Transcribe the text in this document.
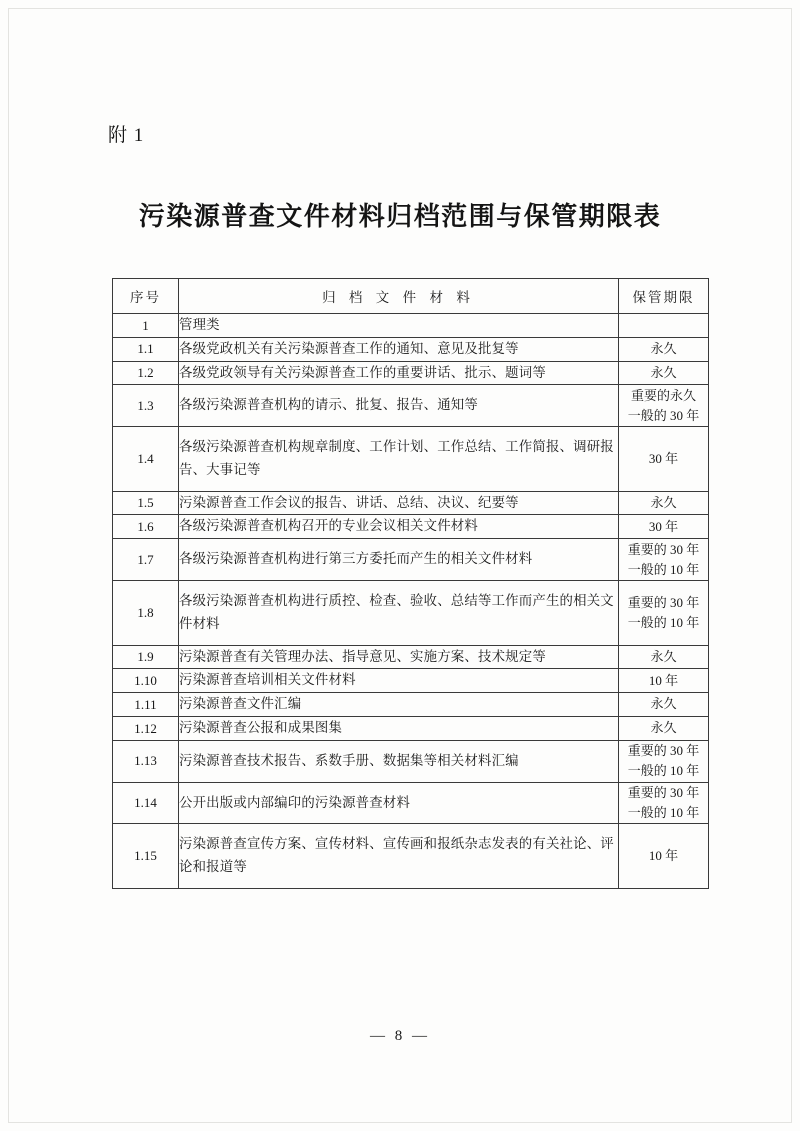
附 1
污染源普查文件材料归档范围与保管期限表
序号	归 档 文 件 材 料	保管期限
1	管理类	
1.1	各级党政机关有关污染源普查工作的通知、意见及批复等	永久
1.2	各级党政领导有关污染源普查工作的重要讲话、批示、题词等	永久
1.3	各级污染源普查机构的请示、批复、报告、通知等	重要的永久
一般的 30 年

1.4	各级污染源普查机构规章制度、工作计划、工作总结、工作简报、调研报告、大事记等	30 年
1.5	污染源普查工作会议的报告、讲话、总结、决议、纪要等	永久
1.6	各级污染源普查机构召开的专业会议相关文件材料	30 年
1.7	各级污染源普查机构进行第三方委托而产生的相关文件材料	重要的 30 年
一般的 10 年

1.8	各级污染源普查机构进行质控、检查、验收、总结等工作而产生的相关文件材料	重要的 30 年
一般的 10 年

1.9	污染源普查有关管理办法、指导意见、实施方案、技术规定等	永久
1.10	污染源普查培训相关文件材料	10 年
1.11	污染源普查文件汇编	永久
1.12	污染源普查公报和成果图集	永久
1.13	污染源普查技术报告、系数手册、数据集等相关材料汇编	重要的 30 年
一般的 10 年

1.14	公开出版或内部编印的污染源普查材料	重要的 30 年
一般的 10 年

1.15	污染源普查宣传方案、宣传材料、宣传画和报纸杂志发表的有关社论、评论和报道等	10 年
— 8 —
